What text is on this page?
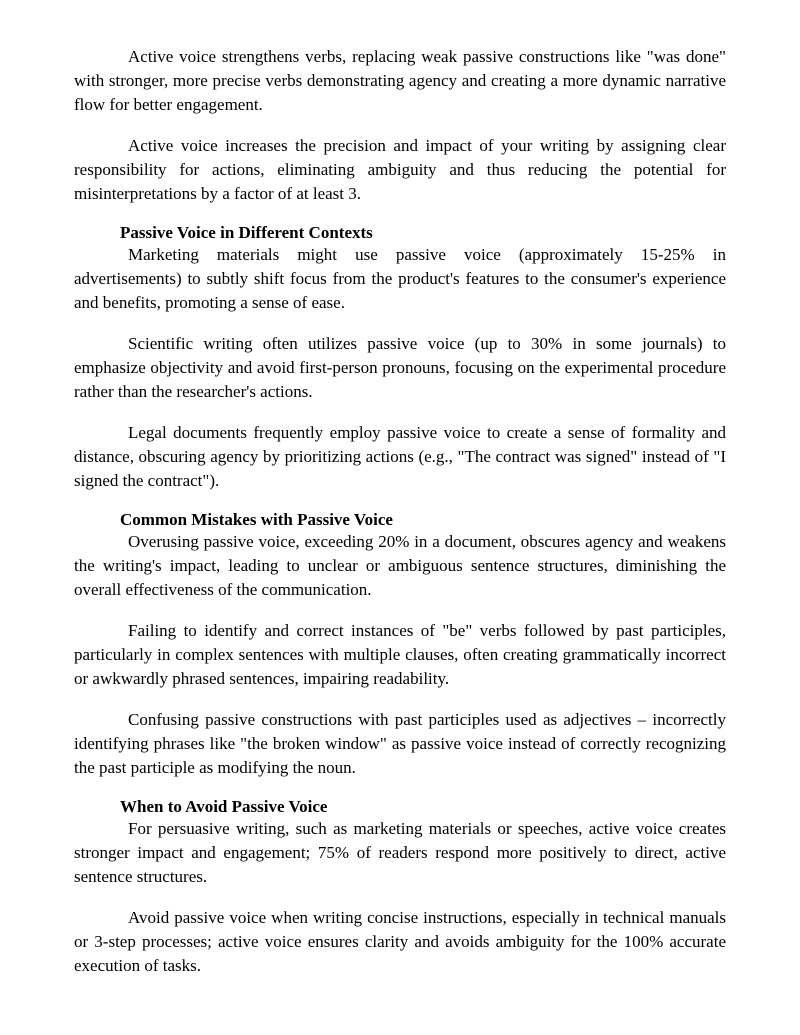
Active voice strengthens verbs, replacing weak passive constructions like "was done" with stronger, more precise verbs demonstrating agency and creating a more dynamic narrative flow for better engagement.

Active voice increases the precision and impact of your writing by assigning clear responsibility for actions, eliminating ambiguity and thus reducing the potential for misinterpretations by a factor of at least 3.

Passive Voice in Different Contexts

Marketing materials might use passive voice (approximately 15-25% in advertisements) to subtly shift focus from the product's features to the consumer's experience and benefits, promoting a sense of ease.

Scientific writing often utilizes passive voice (up to 30% in some journals) to emphasize objectivity and avoid first-person pronouns, focusing on the experimental procedure rather than the researcher's actions.

Legal documents frequently employ passive voice to create a sense of formality and distance, obscuring agency by prioritizing actions (e.g., "The contract was signed" instead of "I signed the contract").

Common Mistakes with Passive Voice

Overusing passive voice, exceeding 20% in a document, obscures agency and weakens the writing's impact, leading to unclear or ambiguous sentence structures, diminishing the overall effectiveness of the communication.

Failing to identify and correct instances of "be" verbs followed by past participles, particularly in complex sentences with multiple clauses, often creating grammatically incorrect or awkwardly phrased sentences, impairing readability.

Confusing passive constructions with past participles used as adjectives – incorrectly identifying phrases like "the broken window" as passive voice instead of correctly recognizing the past participle as modifying the noun.

When to Avoid Passive Voice

For persuasive writing, such as marketing materials or speeches, active voice creates stronger impact and engagement; 75% of readers respond more positively to direct, active sentence structures.

Avoid passive voice when writing concise instructions, especially in technical manuals or 3-step processes; active voice ensures clarity and avoids ambiguity for the 100% accurate execution of tasks.
